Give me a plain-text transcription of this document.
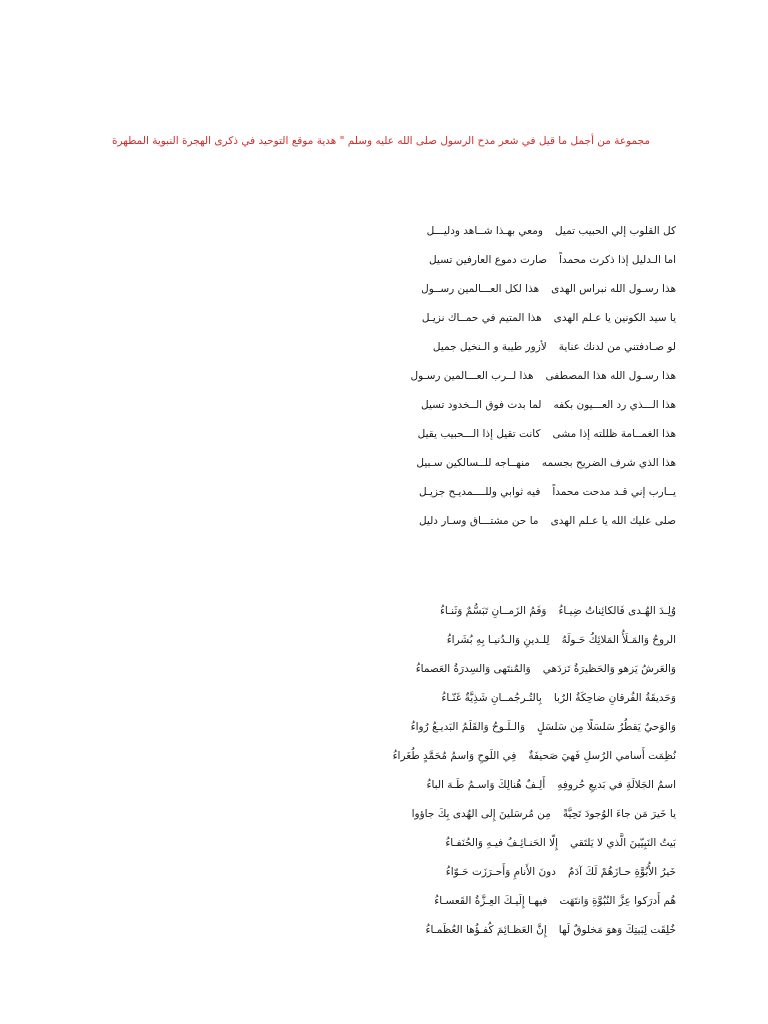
مجموعة من أجمل ما قيل في شعر مدح الرسول صلى الله عليه وسلم " هدية موقع التوحيد في ذكرى الهجرة النبوية المطهرة
كل القلوب إلي الحبيب تميلومعي بهـذا شــاهد ودليـــل
اما الـدليل إذا ذكرت محمداًصارت دموع العارفين تسيل
هذا رسـول الله نبراس الهدىهذا لكل العـــالمين رســول
يا سيد الكونين يا عـلم الهدىهذا المتيم في حمــاك نزيـل
لو صـادفتني من لدنك عنايةلأزور طيبة و الـنخيل جميل
هذا رسـول الله هذا المصطفىهذا لــرب العـــالمين رسـول
هذا الـــذي رد العـــيون بكفهلما بدت فوق الــخدود تسيل
هذا الغمــامة ظللته إذا مشىكانت تقيل إذا الـــحبيب يقيل
هذا الذي شرف الضريح بجسمهمنهــاجه للــسالكين سـبيل
يــارب إني قـد مدحت محمداًفيه ثوابي وللــــمديـح جزيـل
صلى عليك الله يا عـلم الهدىما حن مشتـــاق وسـار دليل
وُلِـدَ الهُـدى فَالكائِناتُ ضِيـاءُوَفَمُ الزَمــانِ تَبَسُّمٌ وَثَنـاءُ
الروحُ وَالمَـلَأُ المَلائِكُ حَـولَهُلِلـدينِ وَالـدُنيـا بِهِ بُشَراءُ
وَالعَرشُ يَزهو وَالحَظيرَةُ تَزدَهيوَالمُنتَهى وَالسِدرَةُ العَصماءُ
وَحَديقَةُ الفُرقانِ ضاحِكَةُ الرُبابِالتُـرجُمــانِ شَذِيَّةٌ غَنّـاءُ
وَالوَحيُ يَقطُرُ سَلسَلًا مِن سَلسَلٍوَالـلَـوحُ وَالقَلَمُ البَديـعُ رُواءُ
نُظِمَت أَسامي الرُسلِ فَهيَ صَحيفَةٌفِي اللَوحِ وَاسمُ مُحَمَّدٍ طُغَراءُ
اسمُ الجَلالَةِ في بَديعِ حُروفِهِأَلِـفٌ هُنالِكَ وَاسـمُ طَـهَ الباءُ
يا خَيرَ مَن جاءَ الوُجودَ تَحِيَّةًمِن مُرسَلينَ إِلى الهُدى بِكَ جاؤوا
بَيتُ النَبِيّينَ الَّذي لا يَلتَقيإِلّا الحَنـائِـفُ فيـهِ وَالحُنَفـاءُ
خَيرُ الأُبُوَّةِ حـازَهُمْ لَكَ آدَمٌدونَ الأَنامِ وَأَحـرَزَت حَـوّاءُ
هُم أَدرَكوا عِزَّ النُبُوَّةِ وَانتَهَتفيهـا إِلَيـكَ العِـزَّةُ القَعسـاءُ
خُلِقَت لِبَيتِكَ وَهوَ مَخلوقٌ لَهاإِنَّ العَظـائِمَ كُفـؤُها العُظَمـاءُ
